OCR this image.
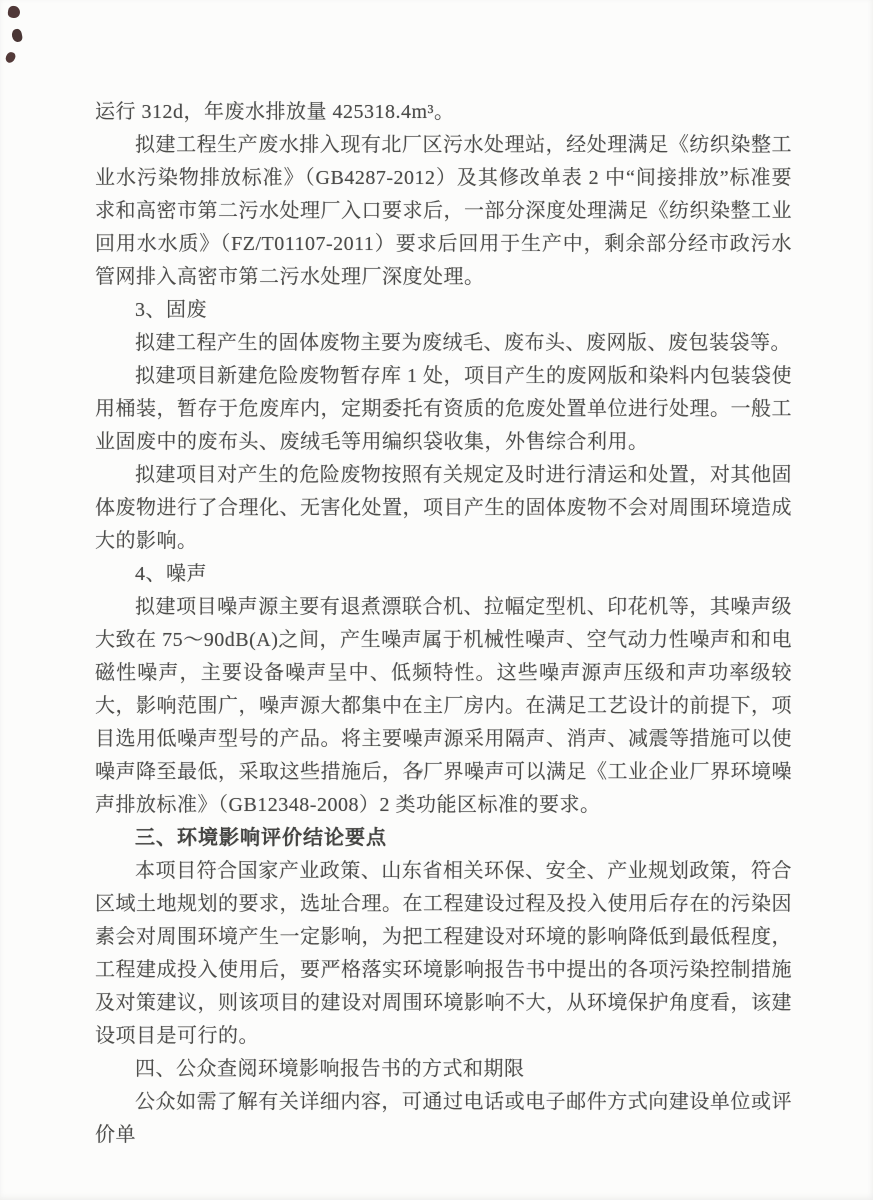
运行 312d，年废水排放量 425318.4m³。

拟建工程生产废水排入现有北厂区污水处理站，经处理满足《纺织染整工业水污染物排放标准》（GB4287-2012）及其修改单表 2 中“间接排放”标准要求和高密市第二污水处理厂入口要求后，一部分深度处理满足《纺织染整工业回用水水质》（FZ/T01107-2011）要求后回用于生产中，剩余部分经市政污水管网排入高密市第二污水处理厂深度处理。

3、固废

拟建工程产生的固体废物主要为废绒毛、废布头、废网版、废包装袋等。

拟建项目新建危险废物暂存库 1 处，项目产生的废网版和染料内包装袋使用桶装，暂存于危废库内，定期委托有资质的危废处置单位进行处理。一般工业固废中的废布头、废绒毛等用编织袋收集，外售综合利用。

拟建项目对产生的危险废物按照有关规定及时进行清运和处置，对其他固体废物进行了合理化、无害化处置，项目产生的固体废物不会对周围环境造成大的影响。

4、噪声

拟建项目噪声源主要有退煮漂联合机、拉幅定型机、印花机等，其噪声级大致在 75～90dB(A)之间，产生噪声属于机械性噪声、空气动力性噪声和和电磁性噪声，主要设备噪声呈中、低频特性。这些噪声源声压级和声功率级较大，影响范围广，噪声源大都集中在主厂房内。在满足工艺设计的前提下，项目选用低噪声型号的产品。将主要噪声源采用隔声、消声、减震等措施可以使噪声降至最低，采取这些措施后，各厂界噪声可以满足《工业企业厂界环境噪声排放标准》（GB12348-2008）2 类功能区标准的要求。

三、环境影响评价结论要点

本项目符合国家产业政策、山东省相关环保、安全、产业规划政策，符合区域土地规划的要求，选址合理。在工程建设过程及投入使用后存在的污染因素会对周围环境产生一定影响，为把工程建设对环境的影响降低到最低程度，工程建成投入使用后，要严格落实环境影响报告书中提出的各项污染控制措施及对策建议，则该项目的建设对周围环境影响不大，从环境保护角度看，该建设项目是可行的。

四、公众查阅环境影响报告书的方式和期限

公众如需了解有关详细内容，可通过电话或电子邮件方式向建设单位或评价单
